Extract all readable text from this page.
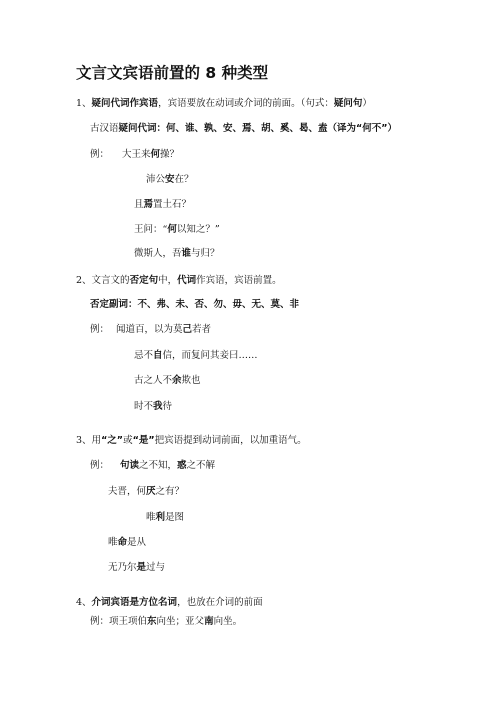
文言文宾语前置的 8 种类型
1、疑问代词作宾语，宾语要放在动词或介词的前面。（句式：疑问句）
古汉语疑问代词：何、谁、孰、安、焉、胡、奚、曷、盍（译为“何不”）
例： 大王来何操？
沛公安在？
且焉置土石？
王问：“何以知之？”
微斯人，吾谁与归？
2、文言文的否定句中，代词作宾语，宾语前置。
否定副词：不、弗、未、否、勿、毋、无、莫、非
例： 闻道百，以为莫己若者
忌不自信，而复问其妾曰……
古之人不余欺也
时不我待
3、用“之”或“是”把宾语提到动词前面，以加重语气。
例： 句读之不知，惑之不解
夫晋，何厌之有？
唯利是图
唯命是从
无乃尔是过与
4、介词宾语是方位名词，也放在介词的前面
例：项王项伯东向坐；亚父南向坐。
